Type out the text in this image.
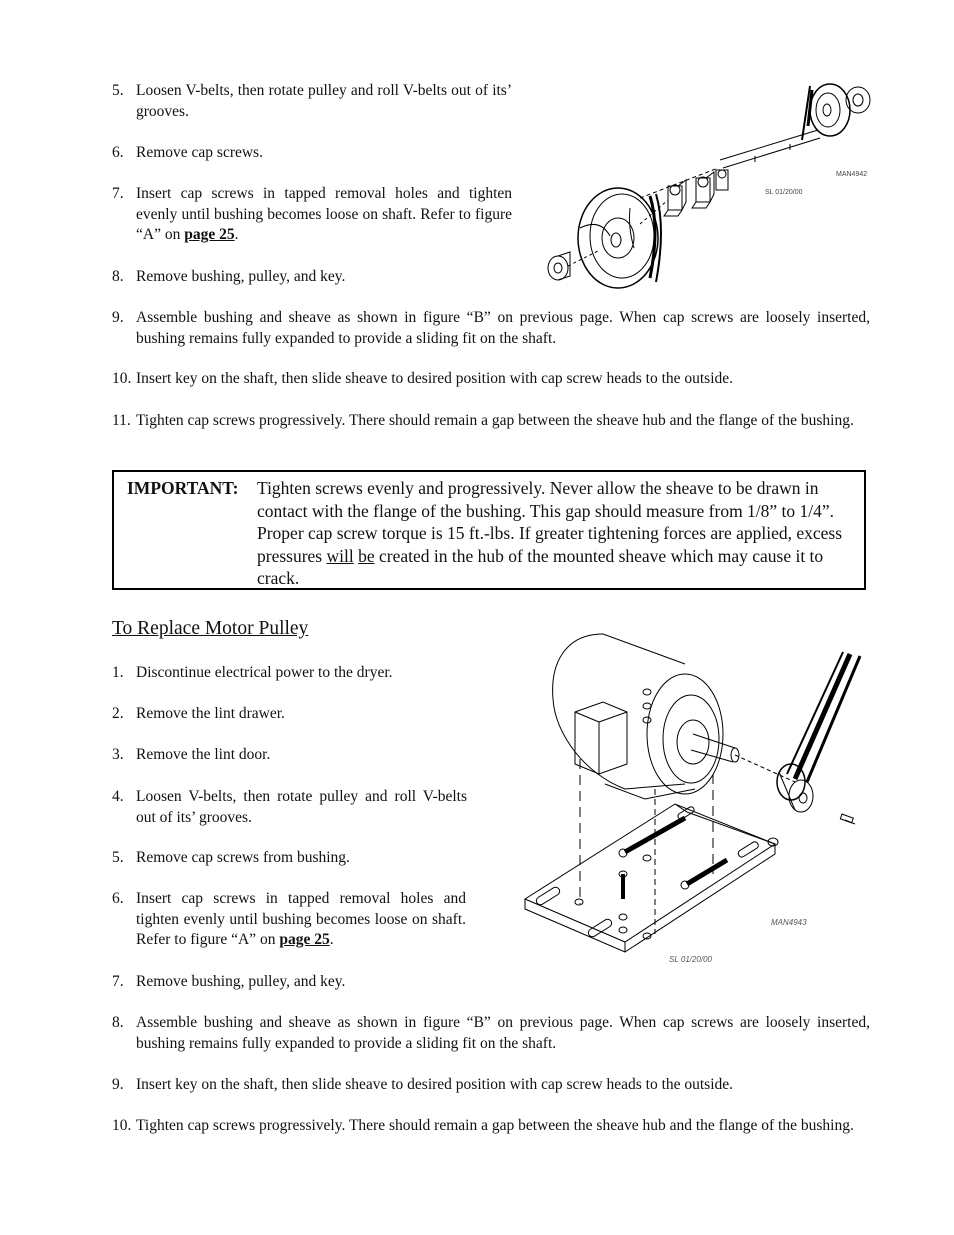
5. Loosen V-belts, then rotate pulley and roll V-belts out of its’ grooves.
6. Remove cap screws.
7. Insert cap screws in tapped removal holes and tighten evenly until bushing becomes loose on shaft. Refer to figure “A” on page 25.
8. Remove bushing, pulley, and key.
9. Assemble bushing and sheave as shown in figure “B” on previous page. When cap screws are loosely inserted, bushing remains fully expanded to provide a sliding fit on the shaft.
10. Insert key on the shaft, then slide sheave to desired position with cap screw heads to the outside.
11. Tighten cap screws progressively. There should remain a gap between the sheave hub and the flange of the bushing.
IMPORTANT: Tighten screws evenly and progressively. Never allow the sheave to be drawn in contact with the flange of the bushing. This gap should measure from 1/8” to 1/4”. Proper cap screw torque is 15 ft.-lbs. If greater tightening forces are applied, excess pressures will be created in the hub of the mounted sheave which may cause it to crack.
To Replace Motor Pulley
1. Discontinue electrical power to the dryer.
2. Remove the lint drawer.
3. Remove the lint door.
4. Loosen V-belts, then rotate pulley and roll V-belts out of its’ grooves.
5. Remove cap screws from bushing.
6. Insert cap screws in tapped removal holes and tighten evenly until bushing becomes loose on shaft. Refer to figure “A” on page 25.
7. Remove bushing, pulley, and key.
8. Assemble bushing and sheave as shown in figure “B” on previous page. When cap screws are loosely inserted, bushing remains fully expanded to provide a sliding fit on the shaft.
9. Insert key on the shaft, then slide sheave to desired position with cap screw heads to the outside.
10. Tighten cap screws progressively. There should remain a gap between the sheave hub and the flange of the bushing.
MAN4942
SL 01/20/00
MAN4943
SL 01/20/00
